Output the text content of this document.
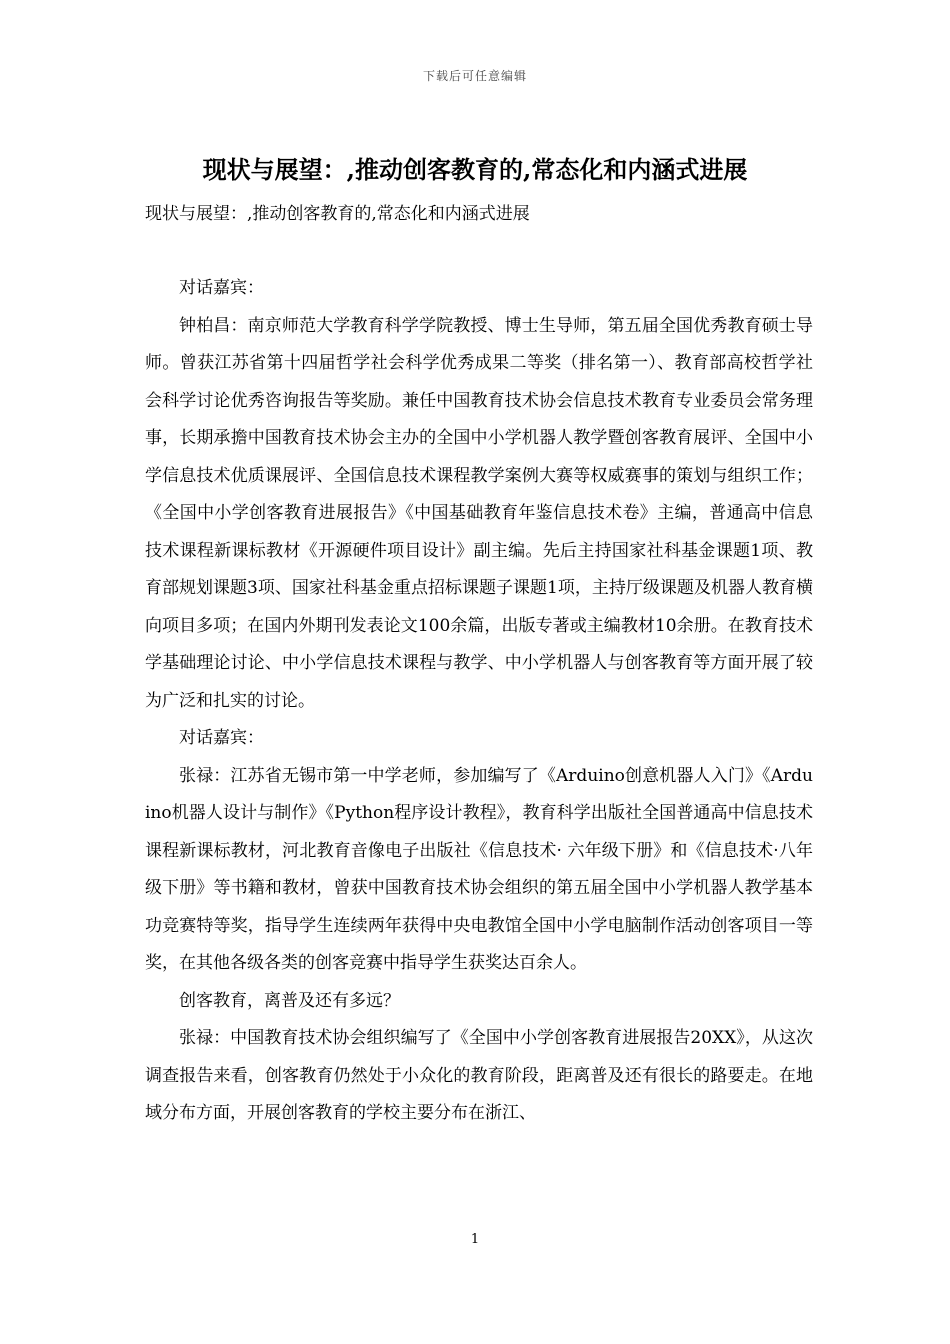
下载后可任意编辑
现状与展望：,推动创客教育的,常态化和内涵式进展

现状与展望：,推动创客教育的,常态化和内涵式进展

对话嘉宾：

钟柏昌：南京师范大学教育科学学院教授、博士生导师，第五届全国优秀教育硕士导师。曾获江苏省第十四届哲学社会科学优秀成果二等奖（排名第一）、教育部高校哲学社会科学讨论优秀咨询报告等奖励。兼任中国教育技术协会信息技术教育专业委员会常务理事，长期承擔中国教育技术协会主办的全国中小学机器人教学暨创客教育展评、全国中小学信息技术优质课展评、全国信息技术课程教学案例大赛等权威赛事的策划与组织工作；《全国中小学创客教育进展报告》《中国基础教育年鉴信息技术卷》主编，普通高中信息技术课程新课标教材《开源硬件项目设计》副主编。先后主持国家社科基金课题1项、教育部规划课题3项、国家社科基金重点招标课题子课题1项，主持厅级课题及机器人教育横向项目多项；在国内外期刊发表论文100余篇，出版专著或主编教材10余册。在教育技术学基础理论讨论、中小学信息技术课程与教学、中小学机器人与创客教育等方面开展了较为广泛和扎实的讨论。

对话嘉宾：

张禄：江苏省无锡市第一中学老师，参加编写了《Arduino创意机器人入门》《Arduino机器人设计与制作》《Python程序设计教程》，教育科学出版社全国普通高中信息技术课程新课标教材，河北教育音像电子出版社《信息技术· 六年级下册》和《信息技术·八年级下册》等书籍和教材，曾获中国教育技术协会组织的第五届全国中小学机器人教学基本功竞赛特等奖，指导学生连续两年获得中央电教馆全国中小学电脑制作活动创客项目一等奖，在其他各级各类的创客竞赛中指导学生获奖达百余人。

创客教育，离普及还有多远？

张禄：中国教育技术协会组织编写了《全国中小学创客教育进展报告20XX》，从这次调查报告来看，创客教育仍然处于小众化的教育阶段，距离普及还有很长的路要走。在地域分布方面，开展创客教育的学校主要分布在浙江、

1
